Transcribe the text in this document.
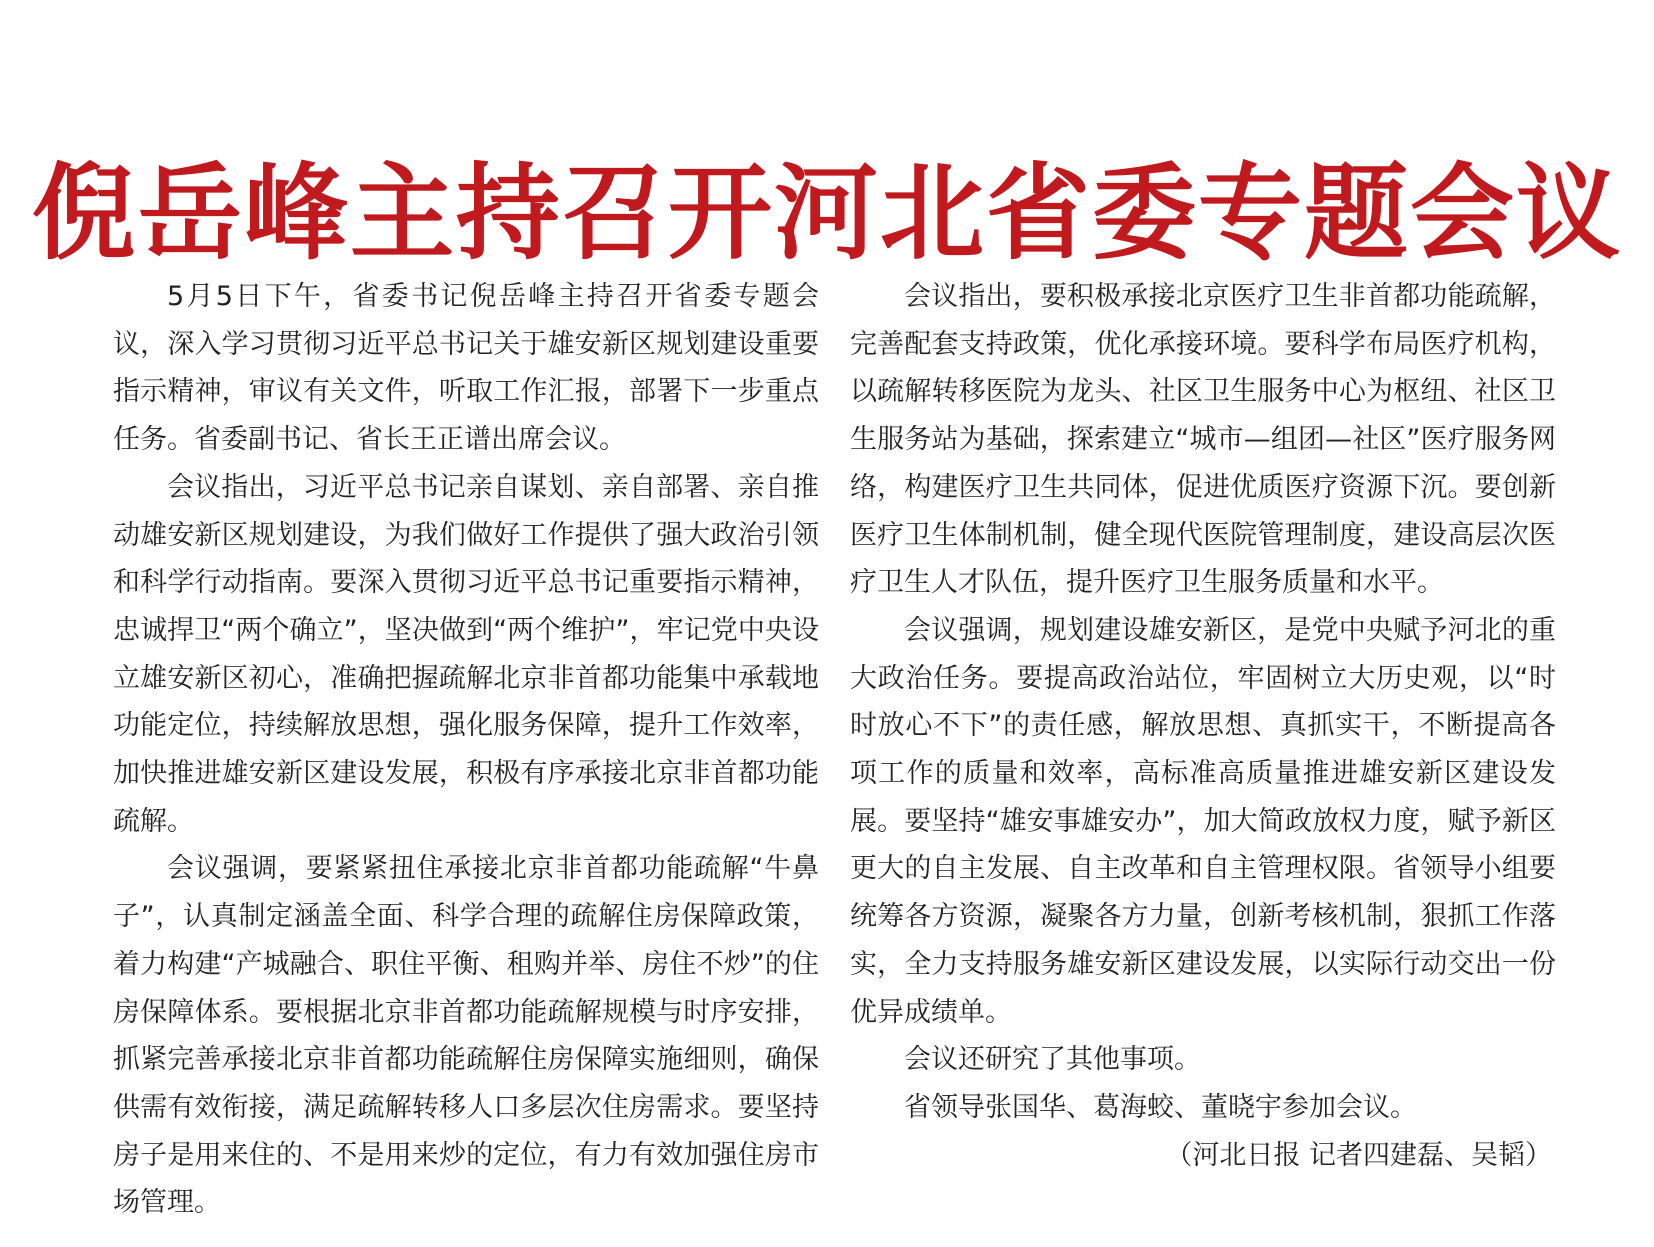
倪岳峰主持召开河北省委专题会议

5月5日下午，省委书记倪岳峰主持召开省委专题会议，深入学习贯彻习近平总书记关于雄安新区规划建设重要指示精神，审议有关文件，听取工作汇报，部署下一步重点任务。省委副书记、省长王正谱出席会议。

会议指出，习近平总书记亲自谋划、亲自部署、亲自推动雄安新区规划建设，为我们做好工作提供了强大政治引领和科学行动指南。要深入贯彻习近平总书记重要指示精神，忠诚捍卫“两个确立”，坚决做到“两个维护”，牢记党中央设立雄安新区初心，准确把握疏解北京非首都功能集中承载地功能定位，持续解放思想，强化服务保障，提升工作效率，加快推进雄安新区建设发展，积极有序承接北京非首都功能疏解。

会议强调，要紧紧扭住承接北京非首都功能疏解“牛鼻子”，认真制定涵盖全面、科学合理的疏解住房保障政策，着力构建“产城融合、职住平衡、租购并举、房住不炒”的住房保障体系。要根据北京非首都功能疏解规模与时序安排，抓紧完善承接北京非首都功能疏解住房保障实施细则，确保供需有效衔接，满足疏解转移人口多层次住房需求。要坚持房子是用来住的、不是用来炒的定位，有力有效加强住房市场管理。

会议指出，要积极承接北京医疗卫生非首都功能疏解，完善配套支持政策，优化承接环境。要科学布局医疗机构，以疏解转移医院为龙头、社区卫生服务中心为枢纽、社区卫生服务站为基础，探索建立“城市—组团—社区”医疗服务网络，构建医疗卫生共同体，促进优质医疗资源下沉。要创新医疗卫生体制机制，健全现代医院管理制度，建设高层次医疗卫生人才队伍，提升医疗卫生服务质量和水平。

会议强调，规划建设雄安新区，是党中央赋予河北的重大政治任务。要提高政治站位，牢固树立大历史观，以“时时放心不下”的责任感，解放思想、真抓实干，不断提高各项工作的质量和效率，高标准高质量推进雄安新区建设发展。要坚持“雄安事雄安办”，加大简政放权力度，赋予新区更大的自主发展、自主改革和自主管理权限。省领导小组要统筹各方资源，凝聚各方力量，创新考核机制，狠抓工作落实，全力支持服务雄安新区建设发展，以实际行动交出一份优异成绩单。

会议还研究了其他事项。

省领导张国华、葛海蛟、董晓宇参加会议。

（河北日报 记者四建磊、吴韬）
